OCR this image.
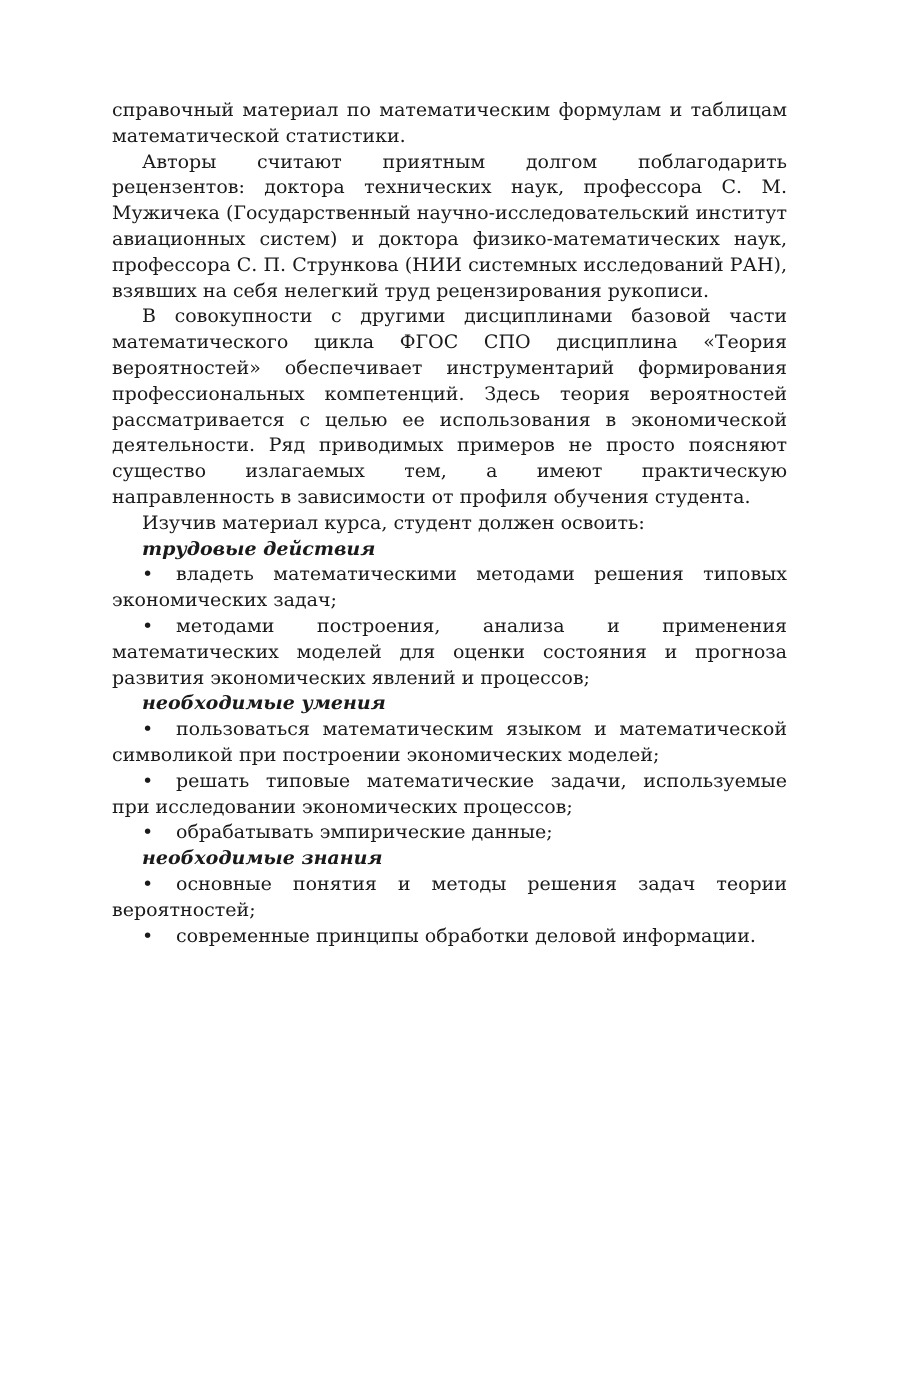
справочный материал по математическим формулам и таблицам математической статистики.

Авторы считают приятным долгом поблагодарить рецензентов: доктора технических наук, профессора С. М. Мужичека (Государственный научно-исследовательский институт авиационных систем) и доктора физико-математических наук, профессора С. П. Стрункова (НИИ системных исследований РАН), взявших на себя нелегкий труд рецензирования рукописи.

В совокупности с другими дисциплинами базовой части математического цикла ФГОС СПО дисциплина «Теория вероятностей» обеспечивает инструментарий формирования профессиональных компетенций. Здесь теория вероятностей рассматривается с целью ее использования в экономической деятельности. Ряд приводимых примеров не просто поясняют существо излагаемых тем, а имеют практическую направленность в зависимости от профиля обучения студента.

Изучив материал курса, студент должен освоить:

трудовые действия

• владеть математическими методами решения типовых экономических задач;

• методами построения, анализа и применения математических моделей для оценки состояния и прогноза развития экономических явлений и процессов;

необходимые умения

• пользоваться математическим языком и математической символикой при построении экономических моделей;

• решать типовые математические задачи, используемые при исследовании экономических процессов;

• обрабатывать эмпирические данные;

необходимые знания

• основные понятия и методы решения задач теории вероятностей;

• современные принципы обработки деловой информации.
